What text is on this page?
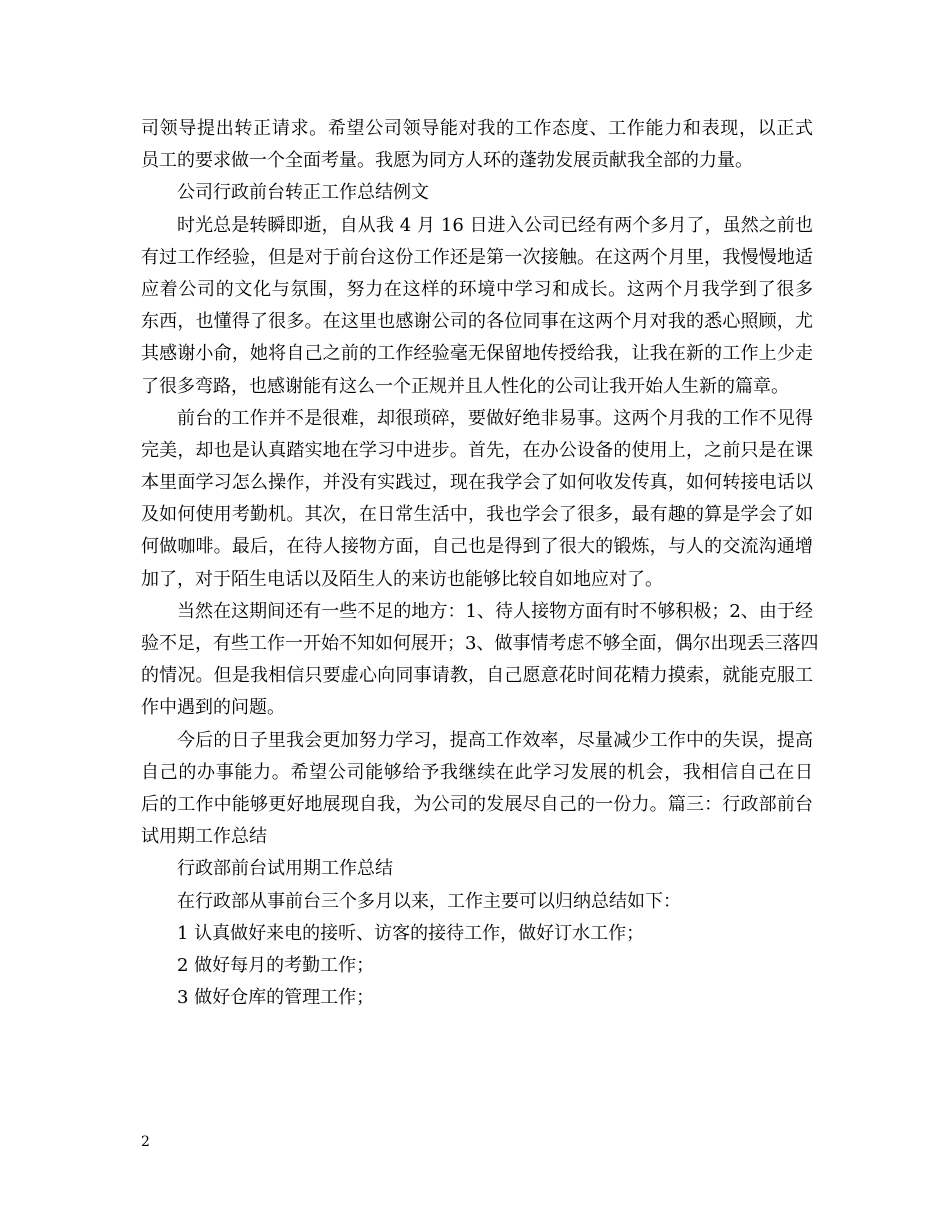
司领导提出转正请求。希望公司领导能对我的工作态度、工作能力和表现，以正式
员工的要求做一个全面考量。我愿为同方人环的蓬勃发展贡献我全部的力量。
公司行政前台转正工作总结例文
时光总是转瞬即逝，自从我 4 月 16 日进入公司已经有两个多月了，虽然之前也
有过工作经验，但是对于前台这份工作还是第一次接触。在这两个月里，我慢慢地适
应着公司的文化与氛围，努力在这样的环境中学习和成长。这两个月我学到了很多
东西，也懂得了很多。在这里也感谢公司的各位同事在这两个月对我的悉心照顾，尤
其感谢小俞，她将自己之前的工作经验毫无保留地传授给我，让我在新的工作上少走
了很多弯路，也感谢能有这么一个正规并且人性化的公司让我开始人生新的篇章。
前台的工作并不是很难，却很琐碎，要做好绝非易事。这两个月我的工作不见得
完美，却也是认真踏实地在学习中进步。首先，在办公设备的使用上，之前只是在课
本里面学习怎么操作，并没有实践过，现在我学会了如何收发传真，如何转接电话以
及如何使用考勤机。其次，在日常生活中，我也学会了很多，最有趣的算是学会了如
何做咖啡。最后，在待人接物方面，自己也是得到了很大的锻炼，与人的交流沟通增
加了，对于陌生电话以及陌生人的来访也能够比较自如地应对了。
当然在这期间还有一些不足的地方：1、待人接物方面有时不够积极；2、由于经
验不足，有些工作一开始不知如何展开；3、做事情考虑不够全面，偶尔出现丢三落四
的情况。但是我相信只要虚心向同事请教，自己愿意花时间花精力摸索，就能克服工
作中遇到的问题。
今后的日子里我会更加努力学习，提高工作效率，尽量减少工作中的失误，提高
自己的办事能力。希望公司能够给予我继续在此学习发展的机会，我相信自己在日
后的工作中能够更好地展现自我，为公司的发展尽自己的一份力。篇三：行政部前台
试用期工作总结
行政部前台试用期工作总结
在行政部从事前台三个多月以来，工作主要可以归纳总结如下：
1 认真做好来电的接听、访客的接待工作，做好订水工作；
2 做好每月的考勤工作；
3 做好仓库的管理工作；
2
